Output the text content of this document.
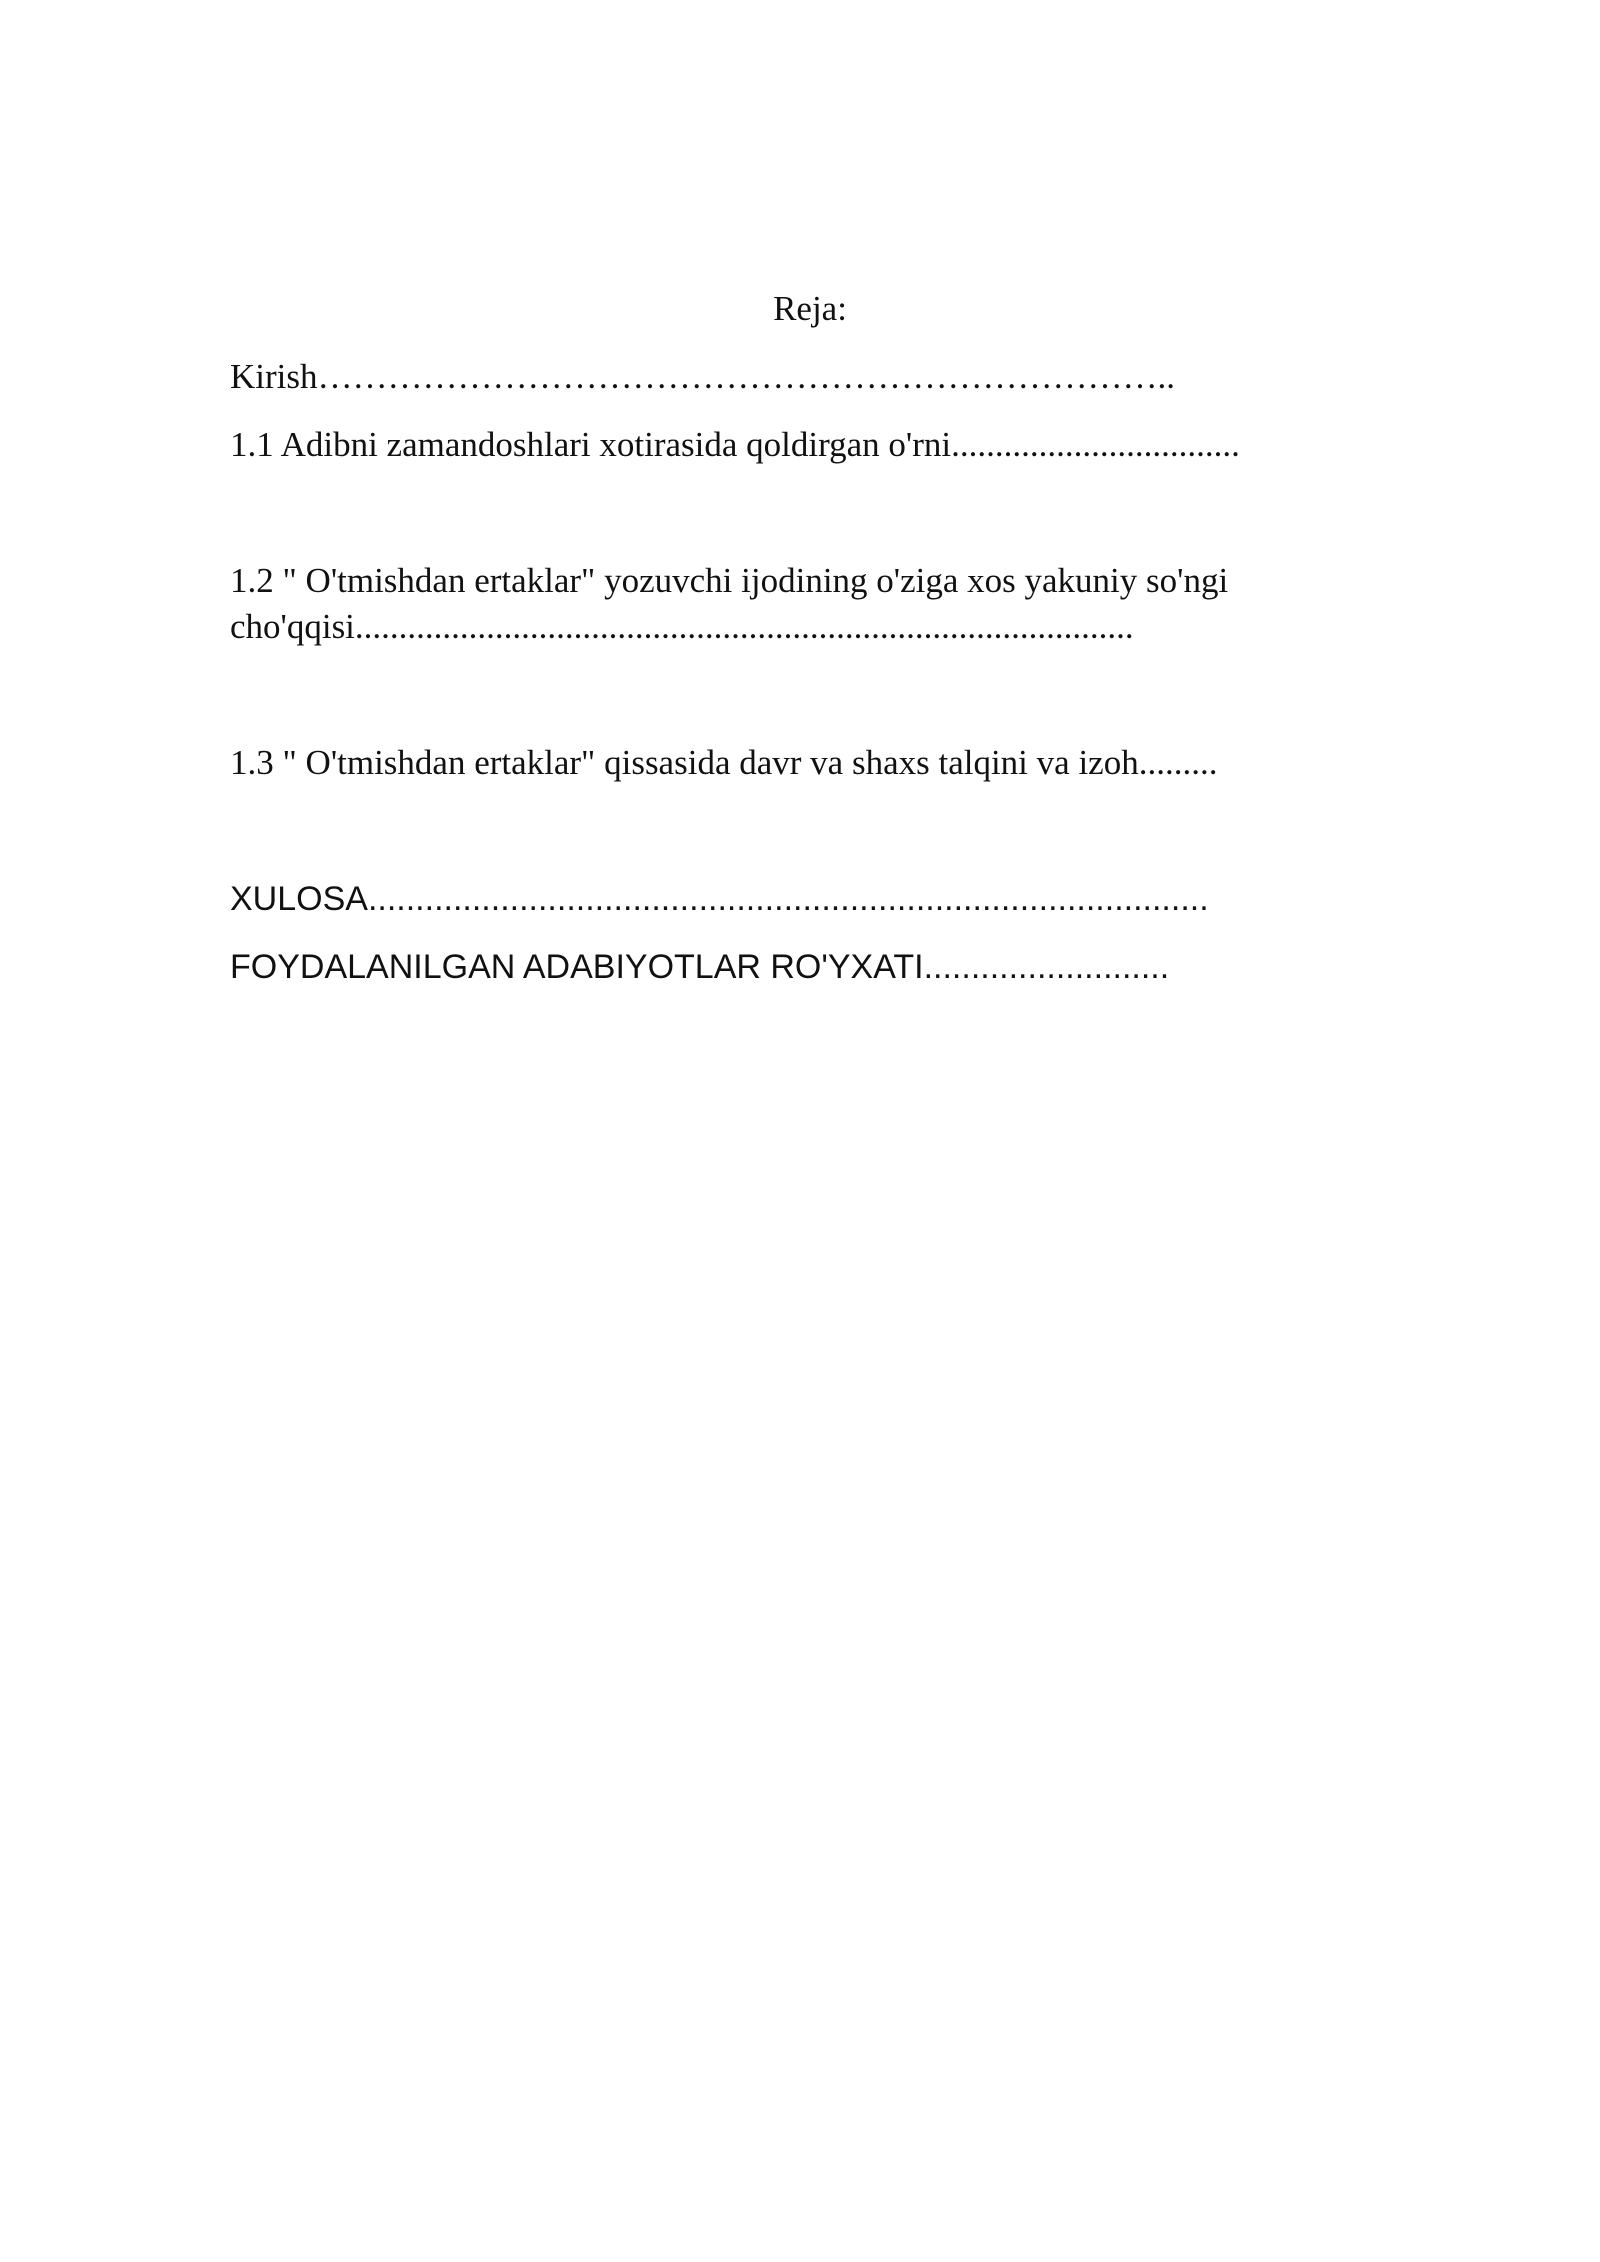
Reja:

Kirish………………………………………………………………..

1.1 Adibni zamandoshlari xotirasida qoldirgan o'rni.................................

1.2 " O'tmishdan ertaklar" yozuvchi ijodining o'ziga xos yakuniy so'ngi

cho'qqisi.........................................................................................

1.3 " O'tmishdan ertaklar" qissasida davr va shaxs talqini va izoh.........

XULOSA.........................................................................................

FOYDALANILGAN ADABIYOTLAR RO'YXATI..........................
